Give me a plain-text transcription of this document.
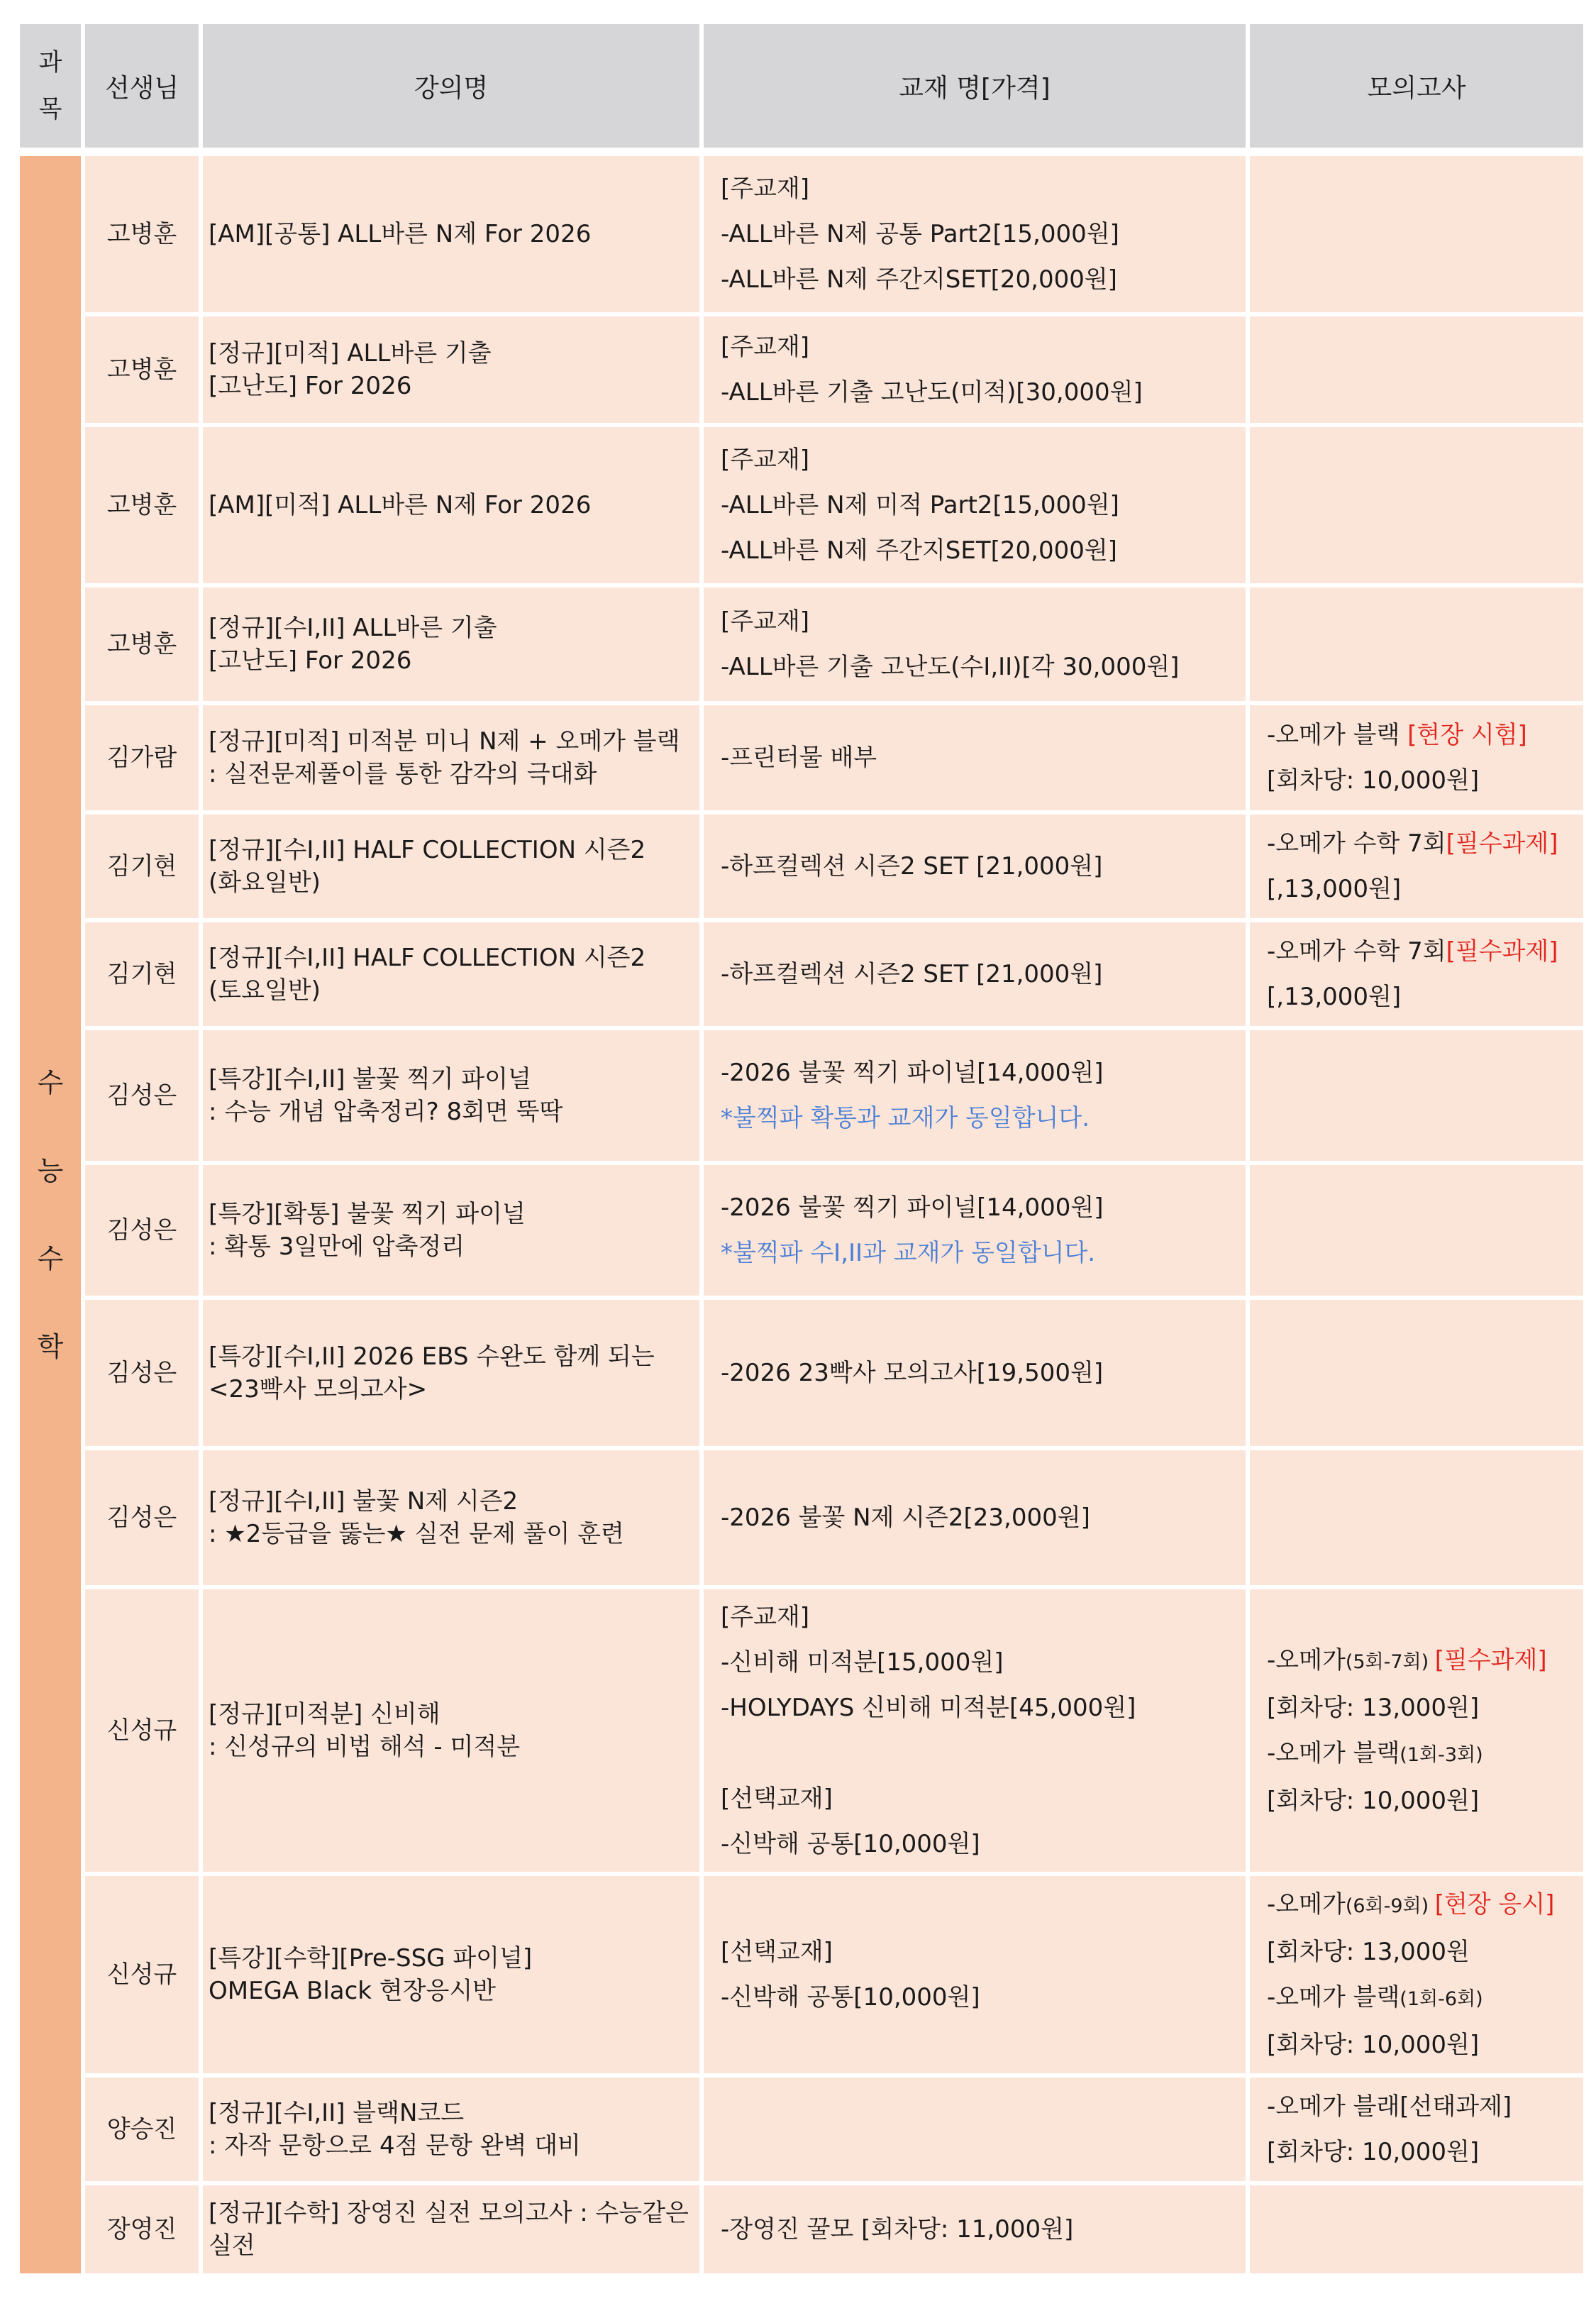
과
목	선생님	강의명	교재 명[가격]	모의고사

수
능
수
학	고병훈	[AM][공통] ALL바른 N제 For 2026	[주교재]
-ALL바른 N제 공통 Part2[15,000원]
-ALL바른 N제 주간지SET[20,000원]	

	고병훈	[정규][미적] ALL바른 기출
[고난도] For 2026	[주교재]
-ALL바른 기출 고난도(미적)[30,000원]	

	고병훈	[AM][미적] ALL바른 N제 For 2026	[주교재]
-ALL바른 N제 미적 Part2[15,000원]
-ALL바른 N제 주간지SET[20,000원]	

	고병훈	[정규][수I,II] ALL바른 기출
[고난도] For 2026	[주교재]
-ALL바른 기출 고난도(수I,II)[각 30,000원]	

	김가람	[정규][미적] 미적분 미니 N제 + 오메가 블랙
: 실전문제풀이를 통한 감각의 극대화	-프린터물 배부	-오메가 블랙 [현장 시험]
[회차당: 10,000원]

	김기현	[정규][수I,II] HALF COLLECTION 시즌2
(화요일반)	-하프컬렉션 시즌2 SET [21,000원]	-오메가 수학 7회[필수과제]
[,13,000원]

	김기현	[정규][수I,II] HALF COLLECTION 시즌2
(토요일반)	-하프컬렉션 시즌2 SET [21,000원]	-오메가 수학 7회[필수과제]
[,13,000원]

	김성은	[특강][수I,II] 불꽃 찍기 파이널
: 수능 개념 압축정리? 8회면 뚝딱	-2026 불꽃 찍기 파이널[14,000원]
*불찍파 확통과 교재가 동일합니다.	

	김성은	[특강][확통] 불꽃 찍기 파이널
: 확통 3일만에 압축정리	-2026 불꽃 찍기 파이널[14,000원]
*불찍파 수I,II과 교재가 동일합니다.	

	김성은	[특강][수I,II] 2026 EBS 수완도 함께 되는
<23빡사 모의고사>	-2026 23빡사 모의고사[19,500원]	

	김성은	[정규][수I,II] 불꽃 N제 시즌2
: ★2등급을 뚫는★ 실전 문제 풀이 훈련	-2026 불꽃 N제 시즌2[23,000원]	

	신성규	[정규][미적분] 신비해
: 신성규의 비법 해석 - 미적분	[주교재]
-신비해 미적분[15,000원]
-HOLYDAYS 신비해 미적분[45,000원]
[선택교재]
-신박해 공통[10,000원]	-오메가(5회-7회) [필수과제]
[회차당: 13,000원]
-오메가 블랙(1회-3회)
[회차당: 10,000원]

	신성규	[특강][수학][Pre-SSG 파이널]
OMEGA Black 현장응시반	[선택교재]
-신박해 공통[10,000원]	-오메가(6회-9회) [현장 응시]
[회차당: 13,000원
-오메가 블랙(1회-6회)
[회차당: 10,000원]

	양승진	[정규][수I,II] 블랙N코드
: 자작 문항으로 4점 문항 완벽 대비		-오메가 블래[선태과제]
[회차당: 10,000원]

	장영진	[정규][수학] 장영진 실전 모의고사 : 수능같은
실전	-장영진 꿀모 [회차당: 11,000원]	
